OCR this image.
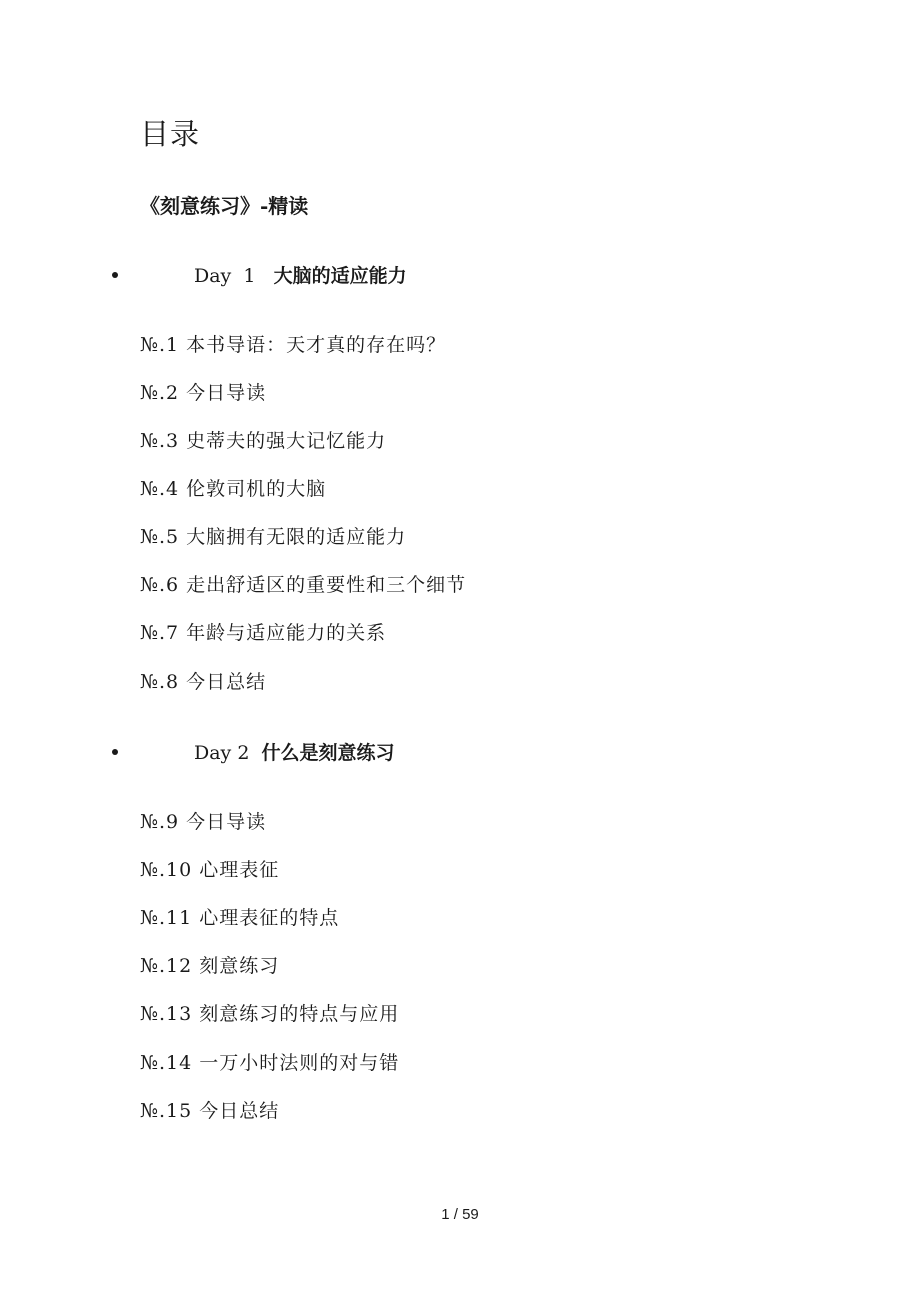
目录
《刻意练习》-精读
Day  1 大脑的适应能力
№.1 本书导语：天才真的存在吗？
№.2 今日导读
№.3 史蒂夫的强大记忆能力
№.4 伦敦司机的大脑
№.5 大脑拥有无限的适应能力
№.6 走出舒适区的重要性和三个细节
№.7 年龄与适应能力的关系
№.8 今日总结
Day 2 什么是刻意练习
№.9 今日导读
№.10 心理表征
№.11 心理表征的特点
№.12 刻意练习
№.13 刻意练习的特点与应用
№.14 一万小时法则的对与错
№.15 今日总结
1 / 59
